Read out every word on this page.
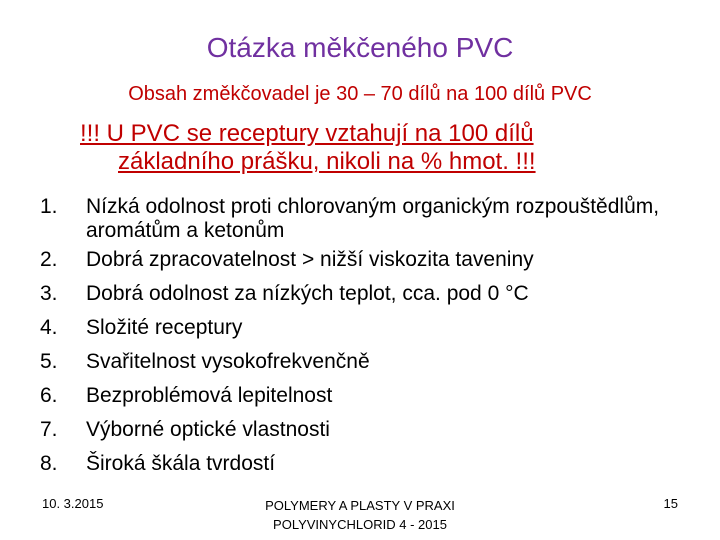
Otázka měkčeného PVC
Obsah změkčovadel je 30 – 70 dílů na 100 dílů PVC
!!! U PVC se receptury vztahují na 100 dílů
základního prášku, nikoli na % hmot. !!!
1.	Nízká odolnost proti chlorovaným organickým rozpouštědlům, aromátům a ketonům
2.	Dobrá zpracovatelnost > nižší viskozita taveniny
3.	Dobrá odolnost za nízkých teplot, cca. pod 0 °C
4.	Složité receptury
5.	Svařitelnost vysokofrekvenčně
6.	Bezproblémová lepitelnost
7.	Výborné optické vlastnosti
8.	Široká škála tvrdostí
10. 3.2015	POLYMERY A PLASTY V PRAXI
POLYVINYCHLORID 4 - 2015
15
